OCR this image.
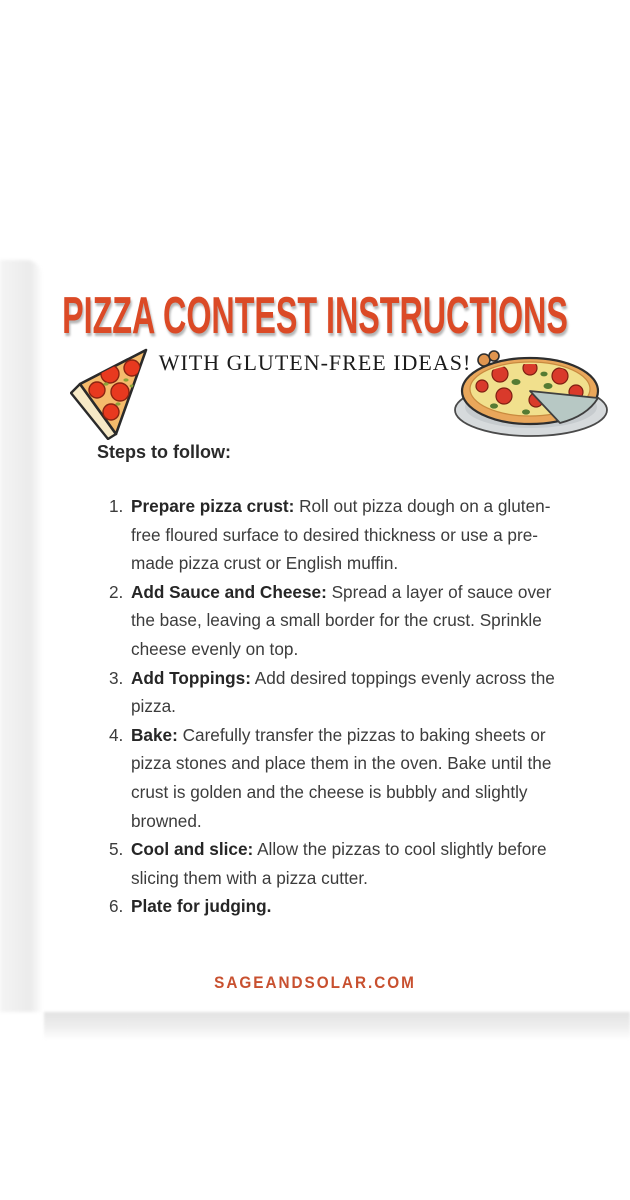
PIZZA CONTEST INSTRUCTIONS
WITH GLUTEN-FREE IDEAS!
Steps to follow:
1. Prepare pizza crust: Roll out pizza dough on a gluten-free floured surface to desired thickness or use a pre-made pizza crust or English muffin.
2. Add Sauce and Cheese: Spread a layer of sauce over the base, leaving a small border for the crust. Sprinkle cheese evenly on top.
3. Add Toppings: Add desired toppings evenly across the pizza.
4. Bake: Carefully transfer the pizzas to baking sheets or pizza stones and place them in the oven. Bake until the crust is golden and the cheese is bubbly and slightly browned.
5. Cool and slice: Allow the pizzas to cool slightly before slicing them with a pizza cutter.
6. Plate for judging.
SAGEANDSOLAR.COM
